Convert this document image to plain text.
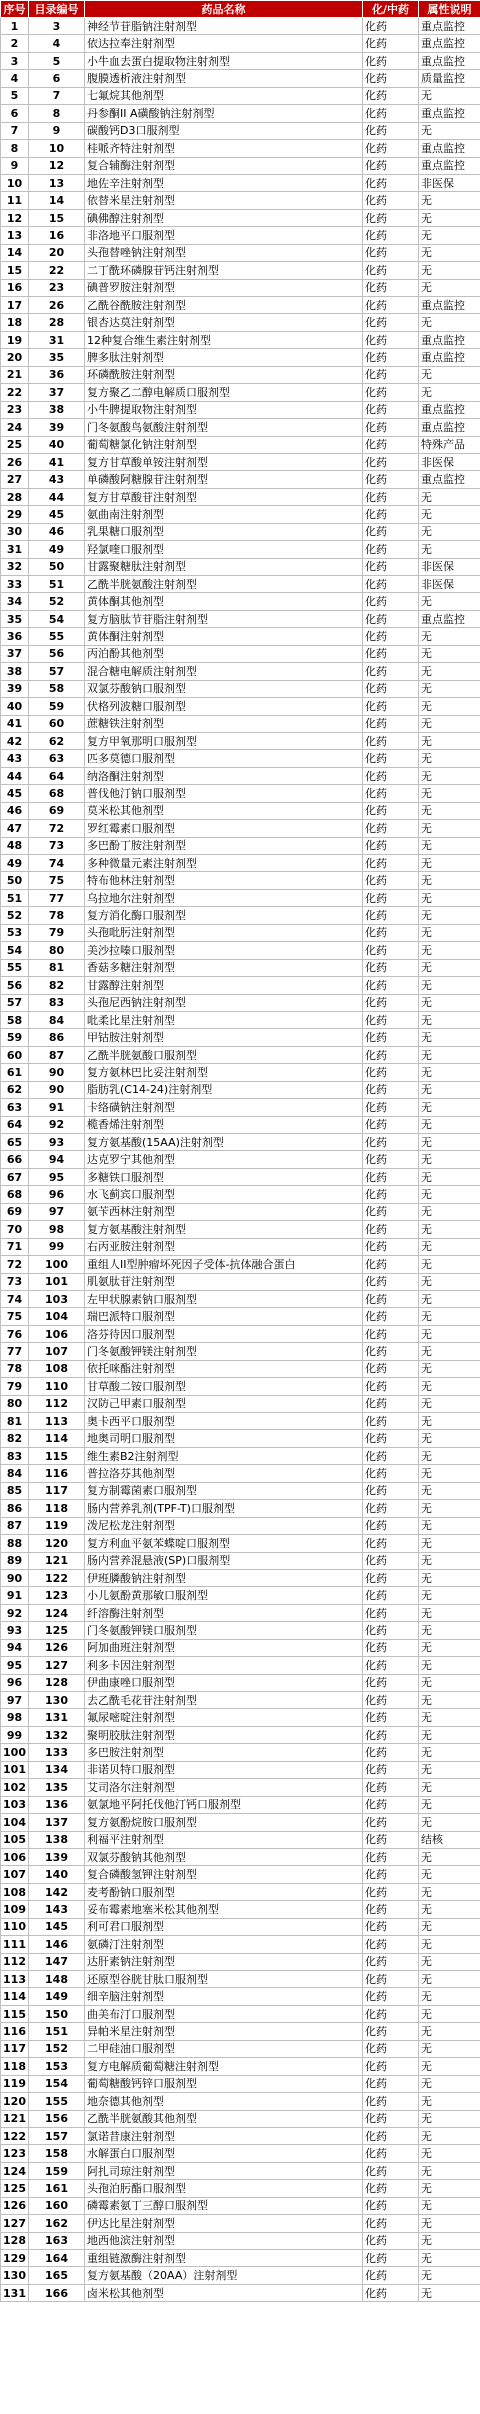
序号	目录编号	药品名称	化/中药	属性说明
1	3	神经节苷脂钠注射剂型	化药	重点监控
2	4	依达拉奉注射剂型	化药	重点监控
3	5	小牛血去蛋白提取物注射剂型	化药	重点监控
4	6	腹膜透析液注射剂型	化药	质量监控
5	7	七氟烷其他剂型	化药	无
6	8	丹参酮II A磺酸钠注射剂型	化药	重点监控
7	9	碳酸钙D3口服剂型	化药	无
8	10	桂哌齐特注射剂型	化药	重点监控
9	12	复合辅酶注射剂型	化药	重点监控
10	13	地佐辛注射剂型	化药	非医保
11	14	依替米星注射剂型	化药	无
12	15	碘佛醇注射剂型	化药	无
13	16	非洛地平口服剂型	化药	无
14	20	头孢替唑钠注射剂型	化药	无
15	22	二丁酰环磷腺苷钙注射剂型	化药	无
16	23	碘普罗胺注射剂型	化药	无
17	26	乙酰谷酰胺注射剂型	化药	重点监控
18	28	银杏达莫注射剂型	化药	无
19	31	12种复合维生素注射剂型	化药	重点监控
20	35	脾多肽注射剂型	化药	重点监控
21	36	环磷酰胺注射剂型	化药	无
22	37	复方聚乙二醇电解质口服剂型	化药	无
23	38	小牛脾提取物注射剂型	化药	重点监控
24	39	门冬氨酸鸟氨酸注射剂型	化药	重点监控
25	40	葡萄糖氯化钠注射剂型	化药	特殊产品
26	41	复方甘草酸单铵注射剂型	化药	非医保
27	43	单磷酸阿糖腺苷注射剂型	化药	重点监控
28	44	复方甘草酸苷注射剂型	化药	无
29	45	氨曲南注射剂型	化药	无
30	46	乳果糖口服剂型	化药	无
31	49	羟氯喹口服剂型	化药	无
32	50	甘露聚糖肽注射剂型	化药	非医保
33	51	乙酰半胱氨酸注射剂型	化药	非医保
34	52	黄体酮其他剂型	化药	无
35	54	复方脑肽节苷脂注射剂型	化药	重点监控
36	55	黄体酮注射剂型	化药	无
37	56	丙泊酚其他剂型	化药	无
38	57	混合糖电解质注射剂型	化药	无
39	58	双氯芬酸钠口服剂型	化药	无
40	59	伏格列波糖口服剂型	化药	无
41	60	蔗糖铁注射剂型	化药	无
42	62	复方甲氧那明口服剂型	化药	无
43	63	匹多莫德口服剂型	化药	无
44	64	纳洛酮注射剂型	化药	无
45	68	普伐他汀钠口服剂型	化药	无
46	69	莫米松其他剂型	化药	无
47	72	罗红霉素口服剂型	化药	无
48	73	多巴酚丁胺注射剂型	化药	无
49	74	多种微量元素注射剂型	化药	无
50	75	特布他林注射剂型	化药	无
51	77	乌拉地尔注射剂型	化药	无
52	78	复方消化酶口服剂型	化药	无
53	79	头孢吡肟注射剂型	化药	无
54	80	美沙拉嗪口服剂型	化药	无
55	81	香菇多糖注射剂型	化药	无
56	82	甘露醇注射剂型	化药	无
57	83	头孢尼西钠注射剂型	化药	无
58	84	吡柔比星注射剂型	化药	无
59	86	甲钴胺注射剂型	化药	无
60	87	乙酰半胱氨酸口服剂型	化药	无
61	90	复方氨林巴比妥注射剂型	化药	无
62	90	脂肪乳(C14-24)注射剂型	化药	无
63	91	卡络磺钠注射剂型	化药	无
64	92	榄香烯注射剂型	化药	无
65	93	复方氨基酸(15AA)注射剂型	化药	无
66	94	达克罗宁其他剂型	化药	无
67	95	多糖铁口服剂型	化药	无
68	96	水飞蓟宾口服剂型	化药	无
69	97	氨苄西林注射剂型	化药	无
70	98	复方氨基酸注射剂型	化药	无
71	99	右丙亚胺注射剂型	化药	无
72	100	重组人II型肿瘤坏死因子受体-抗体融合蛋白	化药	无
73	101	肌氨肽苷注射剂型	化药	无
74	103	左甲状腺素钠口服剂型	化药	无
75	104	瑞巴派特口服剂型	化药	无
76	106	洛芬待因口服剂型	化药	无
77	107	门冬氨酸钾镁注射剂型	化药	无
78	108	依托咪酯注射剂型	化药	无
79	110	甘草酸二铵口服剂型	化药	无
80	112	汉防己甲素口服剂型	化药	无
81	113	奥卡西平口服剂型	化药	无
82	114	地奥司明口服剂型	化药	无
83	115	维生素B2注射剂型	化药	无
84	116	普拉洛芬其他剂型	化药	无
85	117	复方制霉菌素口服剂型	化药	无
86	118	肠内营养乳剂(TPF-T)口服剂型	化药	无
87	119	泼尼松龙注射剂型	化药	无
88	120	复方利血平氨苯蝶啶口服剂型	化药	无
89	121	肠内营养混悬液(SP)口服剂型	化药	无
90	122	伊班膦酸钠注射剂型	化药	无
91	123	小儿氨酚黄那敏口服剂型	化药	无
92	124	纤溶酶注射剂型	化药	无
93	125	门冬氨酸钾镁口服剂型	化药	无
94	126	阿加曲班注射剂型	化药	无
95	127	利多卡因注射剂型	化药	无
96	128	伊曲康唑口服剂型	化药	无
97	130	去乙酰毛花苷注射剂型	化药	无
98	131	氟尿嘧啶注射剂型	化药	无
99	132	聚明胶肽注射剂型	化药	无
100	133	多巴胺注射剂型	化药	无
101	134	非诺贝特口服剂型	化药	无
102	135	艾司洛尔注射剂型	化药	无
103	136	氨氯地平阿托伐他汀钙口服剂型	化药	无
104	137	复方氨酚烷胺口服剂型	化药	无
105	138	利福平注射剂型	化药	结核
106	139	双氯芬酸钠其他剂型	化药	无
107	140	复合磷酸氢钾注射剂型	化药	无
108	142	麦考酚钠口服剂型	化药	无
109	143	妥布霉素地塞米松其他剂型	化药	无
110	145	利可君口服剂型	化药	无
111	146	氨磷汀注射剂型	化药	无
112	147	达肝素钠注射剂型	化药	无
113	148	还原型谷胱甘肽口服剂型	化药	无
114	149	细辛脑注射剂型	化药	无
115	150	曲美布汀口服剂型	化药	无
116	151	异帕米星注射剂型	化药	无
117	152	二甲硅油口服剂型	化药	无
118	153	复方电解质葡萄糖注射剂型	化药	无
119	154	葡萄糖酸钙锌口服剂型	化药	无
120	155	地奈德其他剂型	化药	无
121	156	乙酰半胱氨酸其他剂型	化药	无
122	157	氯诺昔康注射剂型	化药	无
123	158	水解蛋白口服剂型	化药	无
124	159	阿扎司琼注射剂型	化药	无
125	161	头孢泊肟酯口服剂型	化药	无
126	160	磷霉素氨丁三醇口服剂型	化药	无
127	162	伊达比星注射剂型	化药	无
128	163	地西他滨注射剂型	化药	无
129	164	重组链激酶注射剂型	化药	无
130	165	复方氨基酸（20AA）注射剂型	化药	无
131	166	卤米松其他剂型	化药	无
